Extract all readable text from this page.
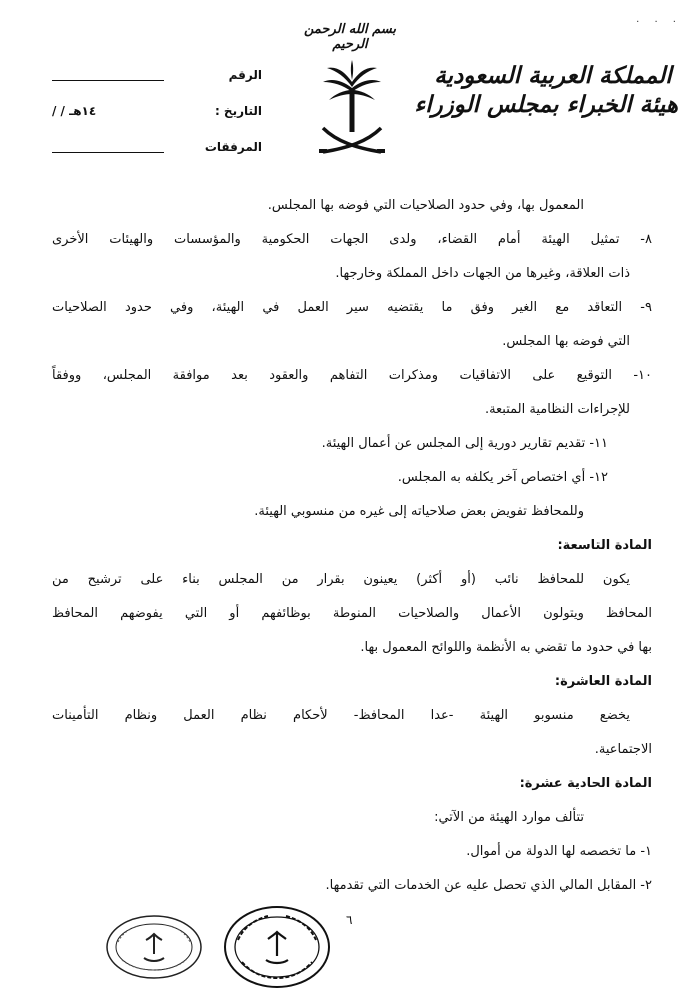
. . .
بسم الله الرحمن الرحيم
المملكة العربية السعودية
هيئة الخبراء بمجلس الوزراء
الرقم
التاريخ :
/ / ١٤هـ
المرفقات
المعمول بها، وفي حدود الصلاحيات التي فوضه بها المجلس.
٨- تمثيل الهيئة أمام القضاء، ولدى الجهات الحكومية والمؤسسات والهيئات الأخرى
ذات العلاقة، وغيرها من الجهات داخل المملكة وخارجها.
٩- التعاقد مع الغير وفق ما يقتضيه سير العمل في الهيئة، وفي حدود الصلاحيات
التي فوضه بها المجلس.
١٠- التوقيع على الاتفاقيات ومذكرات التفاهم والعقود بعد موافقة المجلس، ووفقاً
للإجراءات النظامية المتبعة.
١١- تقديم تقارير دورية إلى المجلس عن أعمال الهيئة.
١٢- أي اختصاص آخر يكلفه به المجلس.
وللمحافظ تفويض بعض صلاحياته إلى غيره من منسوبي الهيئة.
المادة التاسعة:
يكون للمحافظ نائب (أو أكثر) يعينون بقرار من المجلس بناء على ترشيح من
المحافظ ويتولون الأعمال والصلاحيات المنوطة بوظائفهم أو التي يفوضهم المحافظ
بها في حدود ما تقضي به الأنظمة واللوائح المعمول بها.
المادة العاشرة:
يخضع منسوبو الهيئة -عدا المحافظ- لأحكام نظام العمل ونظام التأمينات
الاجتماعية.
المادة الحادية عشرة:
تتألف موارد الهيئة من الآتي:
١- ما تخصصه لها الدولة من أموال.
٢- المقابل المالي الذي تحصل عليه عن الخدمات التي تقدمها.
٦
